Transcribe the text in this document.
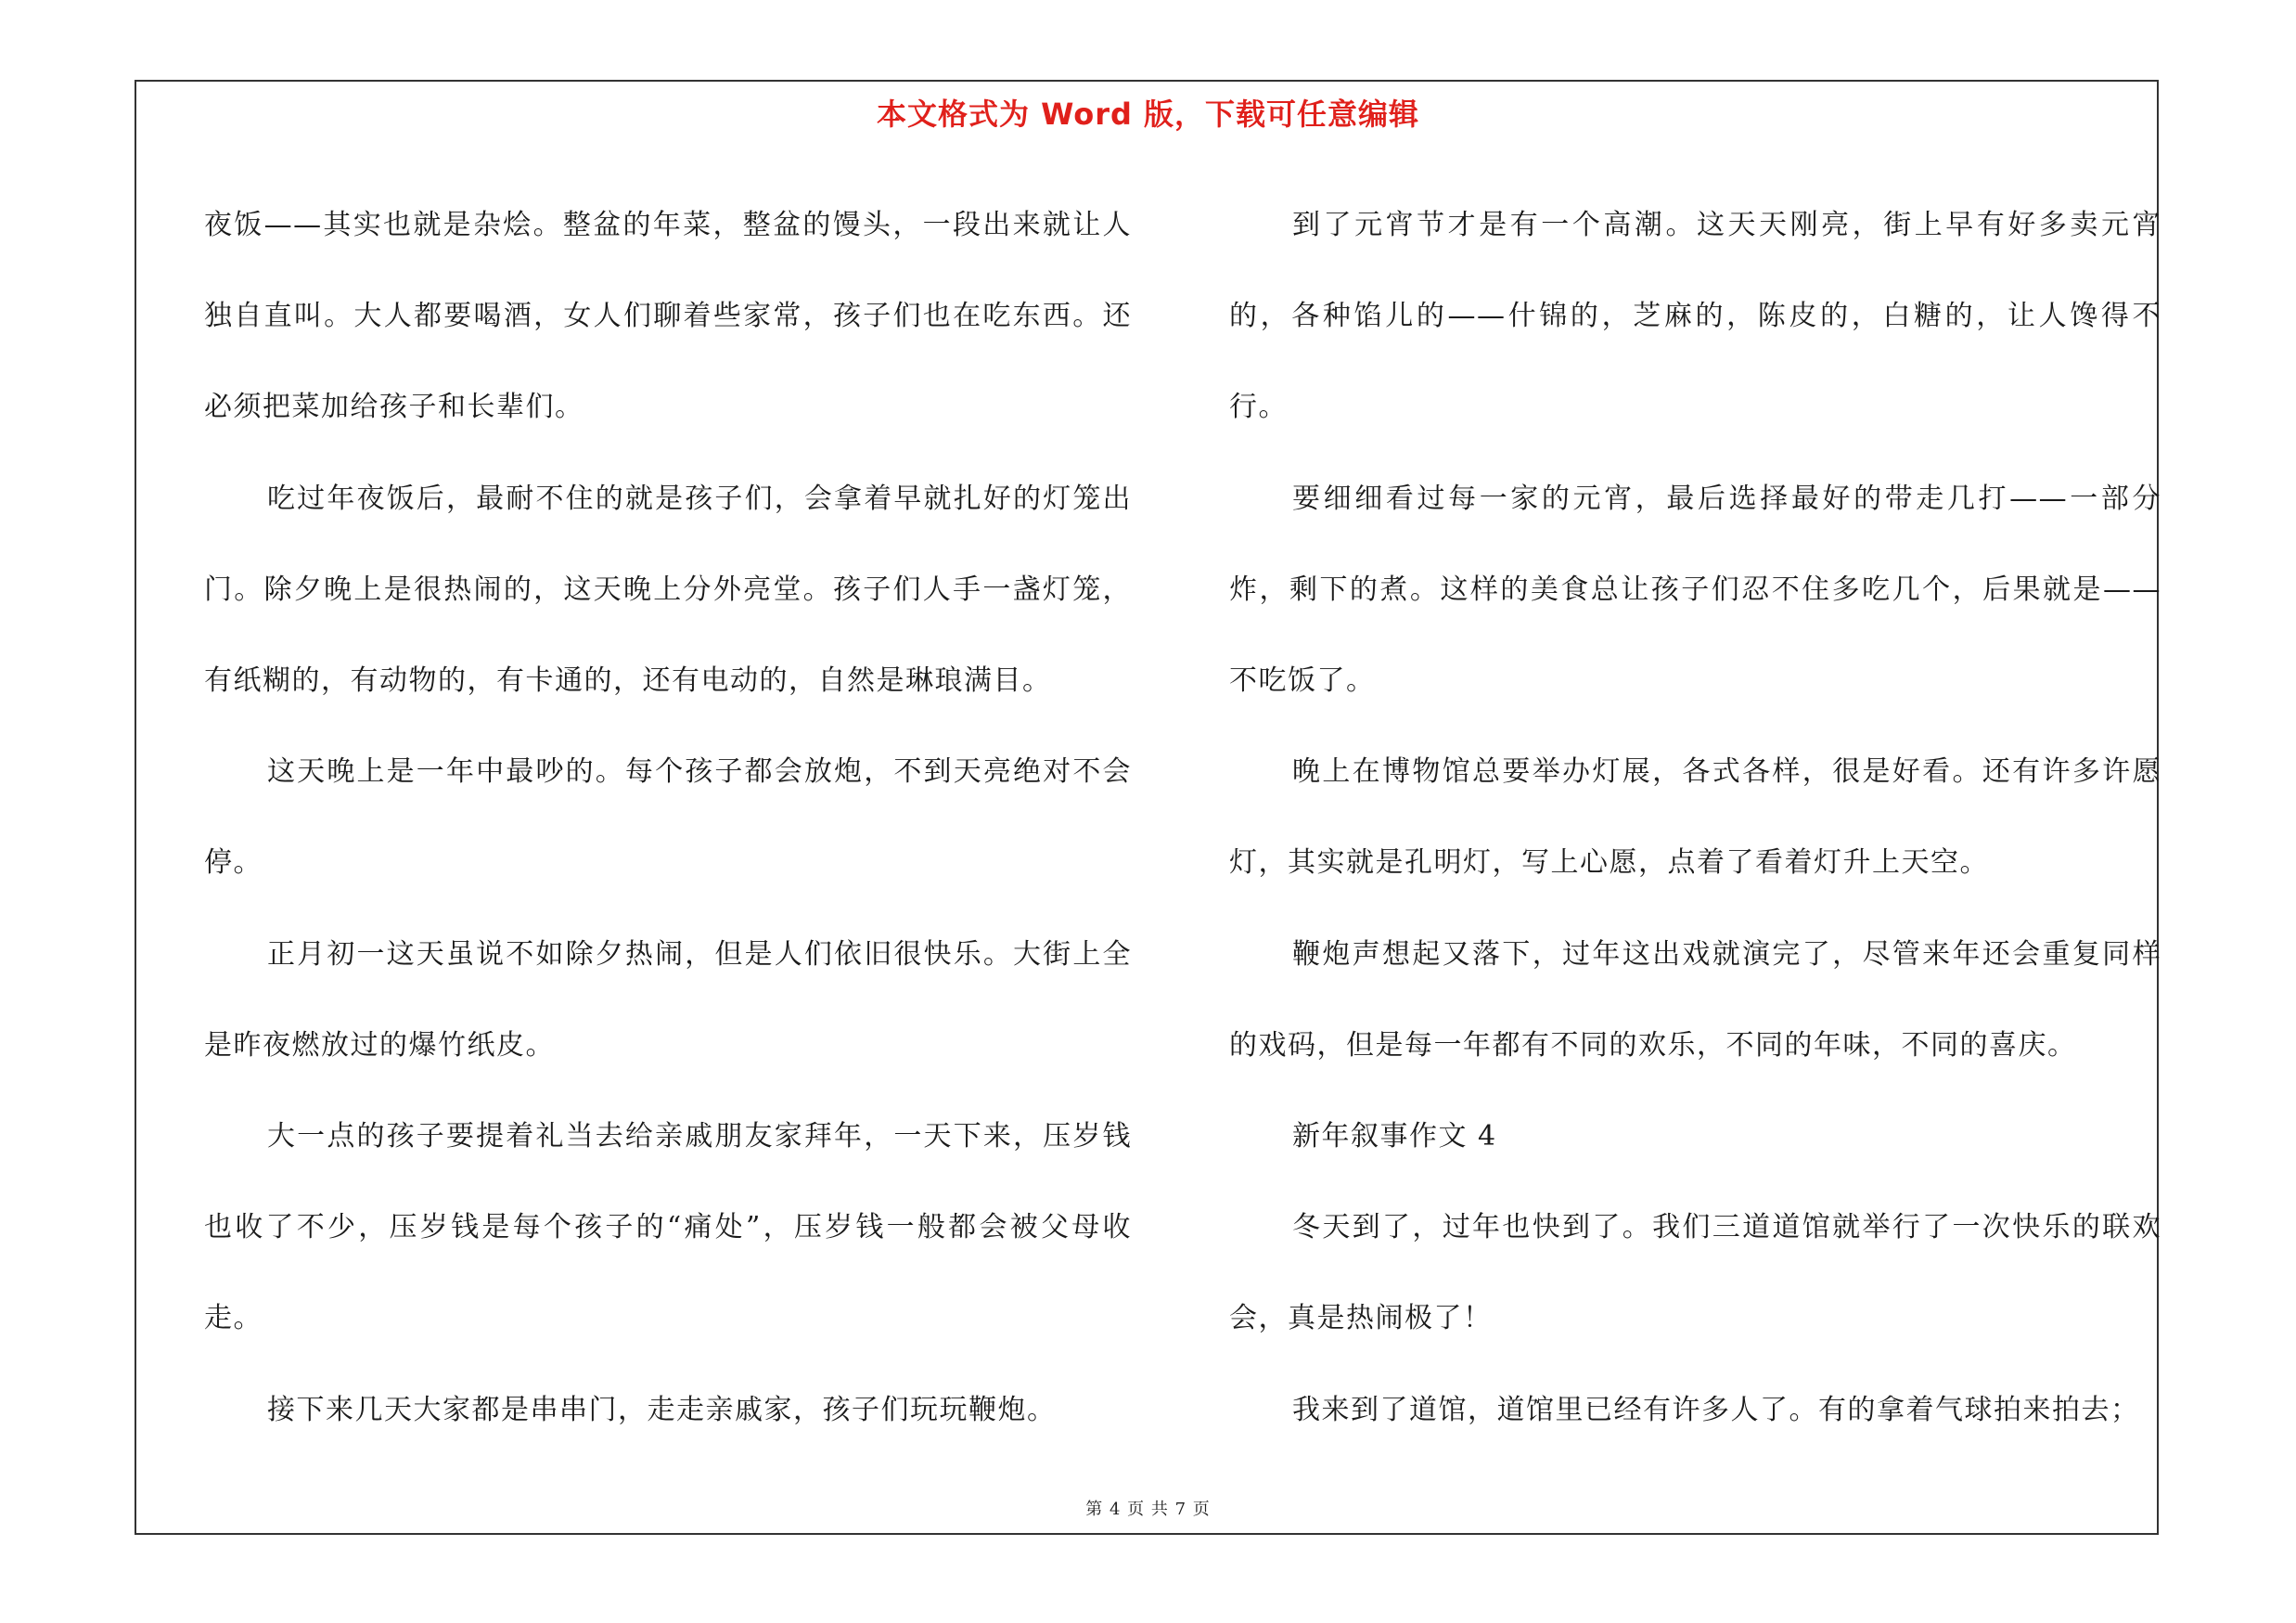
本文格式为 Word 版，下载可任意编辑

夜饭——其实也就是杂烩。整盆的年菜，整盆的馒头，一段出来就让人独自直叫。大人都要喝酒，女人们聊着些家常，孩子们也在吃东西。还必须把菜加给孩子和长辈们。

吃过年夜饭后，最耐不住的就是孩子们，会拿着早就扎好的灯笼出门。除夕晚上是很热闹的，这天晚上分外亮堂。孩子们人手一盏灯笼，有纸糊的，有动物的，有卡通的，还有电动的，自然是琳琅满目。

这天晚上是一年中最吵的。每个孩子都会放炮，不到天亮绝对不会停。

正月初一这天虽说不如除夕热闹，但是人们依旧很快乐。大街上全是昨夜燃放过的爆竹纸皮。

大一点的孩子要提着礼当去给亲戚朋友家拜年，一天下来，压岁钱也收了不少，压岁钱是每个孩子的“痛处”，压岁钱一般都会被父母收走。

接下来几天大家都是串串门，走走亲戚家，孩子们玩玩鞭炮。

到了元宵节才是有一个高潮。这天天刚亮，街上早有好多卖元宵的，各种馅儿的——什锦的，芝麻的，陈皮的，白糖的，让人馋得不行。

要细细看过每一家的元宵，最后选择最好的带走几打——一部分炸，剩下的煮。这样的美食总让孩子们忍不住多吃几个，后果就是——不吃饭了。

晚上在博物馆总要举办灯展，各式各样，很是好看。还有许多许愿灯，其实就是孔明灯，写上心愿，点着了看着灯升上天空。

鞭炮声想起又落下，过年这出戏就演完了，尽管来年还会重复同样的戏码，但是每一年都有不同的欢乐，不同的年味，不同的喜庆。

新年叙事作文 4

冬天到了，过年也快到了。我们三道道馆就举行了一次快乐的联欢会，真是热闹极了！

我来到了道馆，道馆里已经有许多人了。有的拿着气球拍来拍去；

第 4 页 共 7 页
